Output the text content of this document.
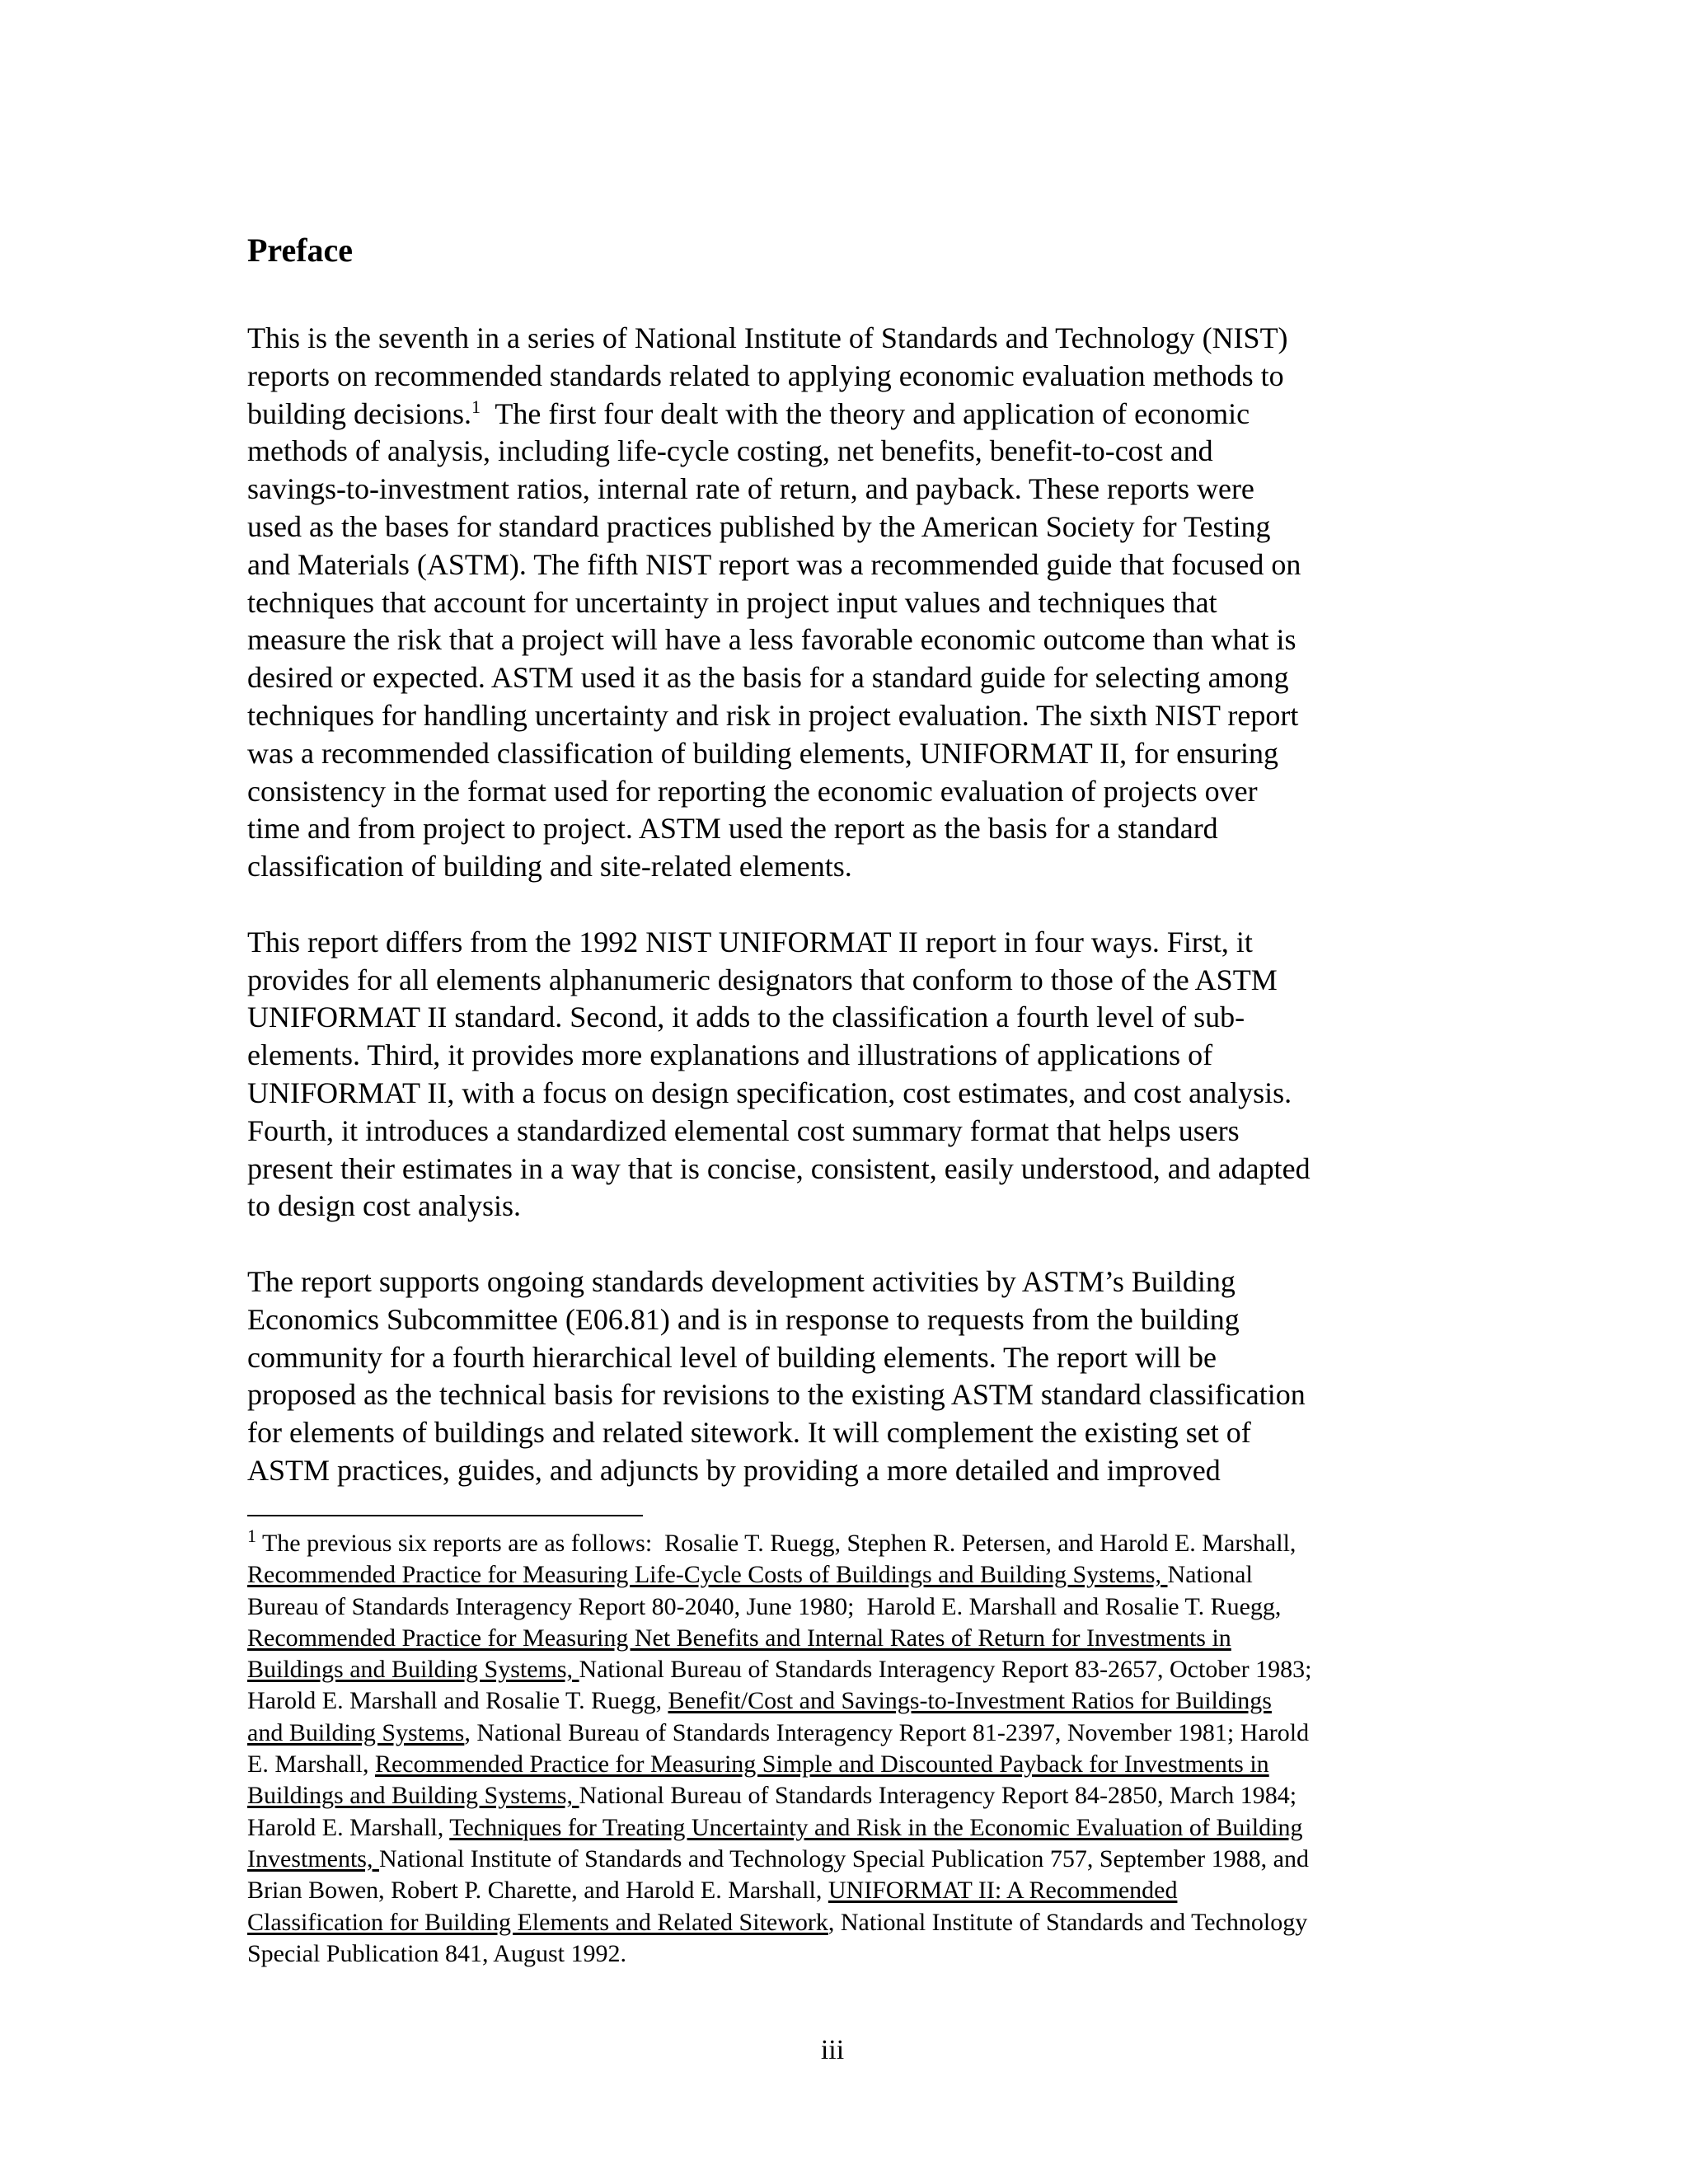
Preface

This is the seventh in a series of National Institute of Standards and Technology (NIST)
reports on recommended standards related to applying economic evaluation methods to
building decisions.$^1$  The first four dealt with the theory and application of economic
methods of analysis, including life-cycle costing, net benefits, benefit-to-cost and
savings-to-investment ratios, internal rate of return, and payback. These reports were
used as the bases for standard practices published by the American Society for Testing
and Materials (ASTM). The fifth NIST report was a recommended guide that focused on
techniques that account for uncertainty in project input values and techniques that
measure the risk that a project will have a less favorable economic outcome than what is
desired or expected. ASTM used it as the basis for a standard guide for selecting among
techniques for handling uncertainty and risk in project evaluation. The sixth NIST report
was a recommended classification of building elements, UNIFORMAT II, for ensuring
consistency in the format used for reporting the economic evaluation of projects over
time and from project to project. ASTM used the report as the basis for a standard
classification of building and site-related elements.

This report differs from the 1992 NIST UNIFORMAT II report in four ways. First, it
provides for all elements alphanumeric designators that conform to those of the ASTM
UNIFORMAT II standard. Second, it adds to the classification a fourth level of sub-
elements. Third, it provides more explanations and illustrations of applications of
UNIFORMAT II, with a focus on design specification, cost estimates, and cost analysis.
Fourth, it introduces a standardized elemental cost summary format that helps users
present their estimates in a way that is concise, consistent, easily understood, and adapted
to design cost analysis.

The report supports ongoing standards development activities by ASTM’s Building
Economics Subcommittee (E06.81) and is in response to requests from the building
community for a fourth hierarchical level of building elements. The report will be
proposed as the technical basis for revisions to the existing ASTM standard classification
for elements of buildings and related sitework. It will complement the existing set of
ASTM practices, guides, and adjuncts by providing a more detailed and improved

$^1$ The previous six reports are as follows:  Rosalie T. Ruegg, Stephen R. Petersen, and Harold E. Marshall,
Recommended Practice for Measuring Life-Cycle Costs of Buildings and Building Systems, National
Bureau of Standards Interagency Report 80-2040, June 1980;  Harold E. Marshall and Rosalie T. Ruegg,
Recommended Practice for Measuring Net Benefits and Internal Rates of Return for Investments in
Buildings and Building Systems, National Bureau of Standards Interagency Report 83-2657, October 1983;
Harold E. Marshall and Rosalie T. Ruegg, Benefit/Cost and Savings-to-Investment Ratios for Buildings
and Building Systems, National Bureau of Standards Interagency Report 81-2397, November 1981; Harold
E. Marshall, Recommended Practice for Measuring Simple and Discounted Payback for Investments in
Buildings and Building Systems, National Bureau of Standards Interagency Report 84-2850, March 1984;
Harold E. Marshall, Techniques for Treating Uncertainty and Risk in the Economic Evaluation of Building
Investments, National Institute of Standards and Technology Special Publication 757, September 1988, and
Brian Bowen, Robert P. Charette, and Harold E. Marshall, UNIFORMAT II: A Recommended
Classification for Building Elements and Related Sitework, National Institute of Standards and Technology
Special Publication 841, August 1992.
iii
